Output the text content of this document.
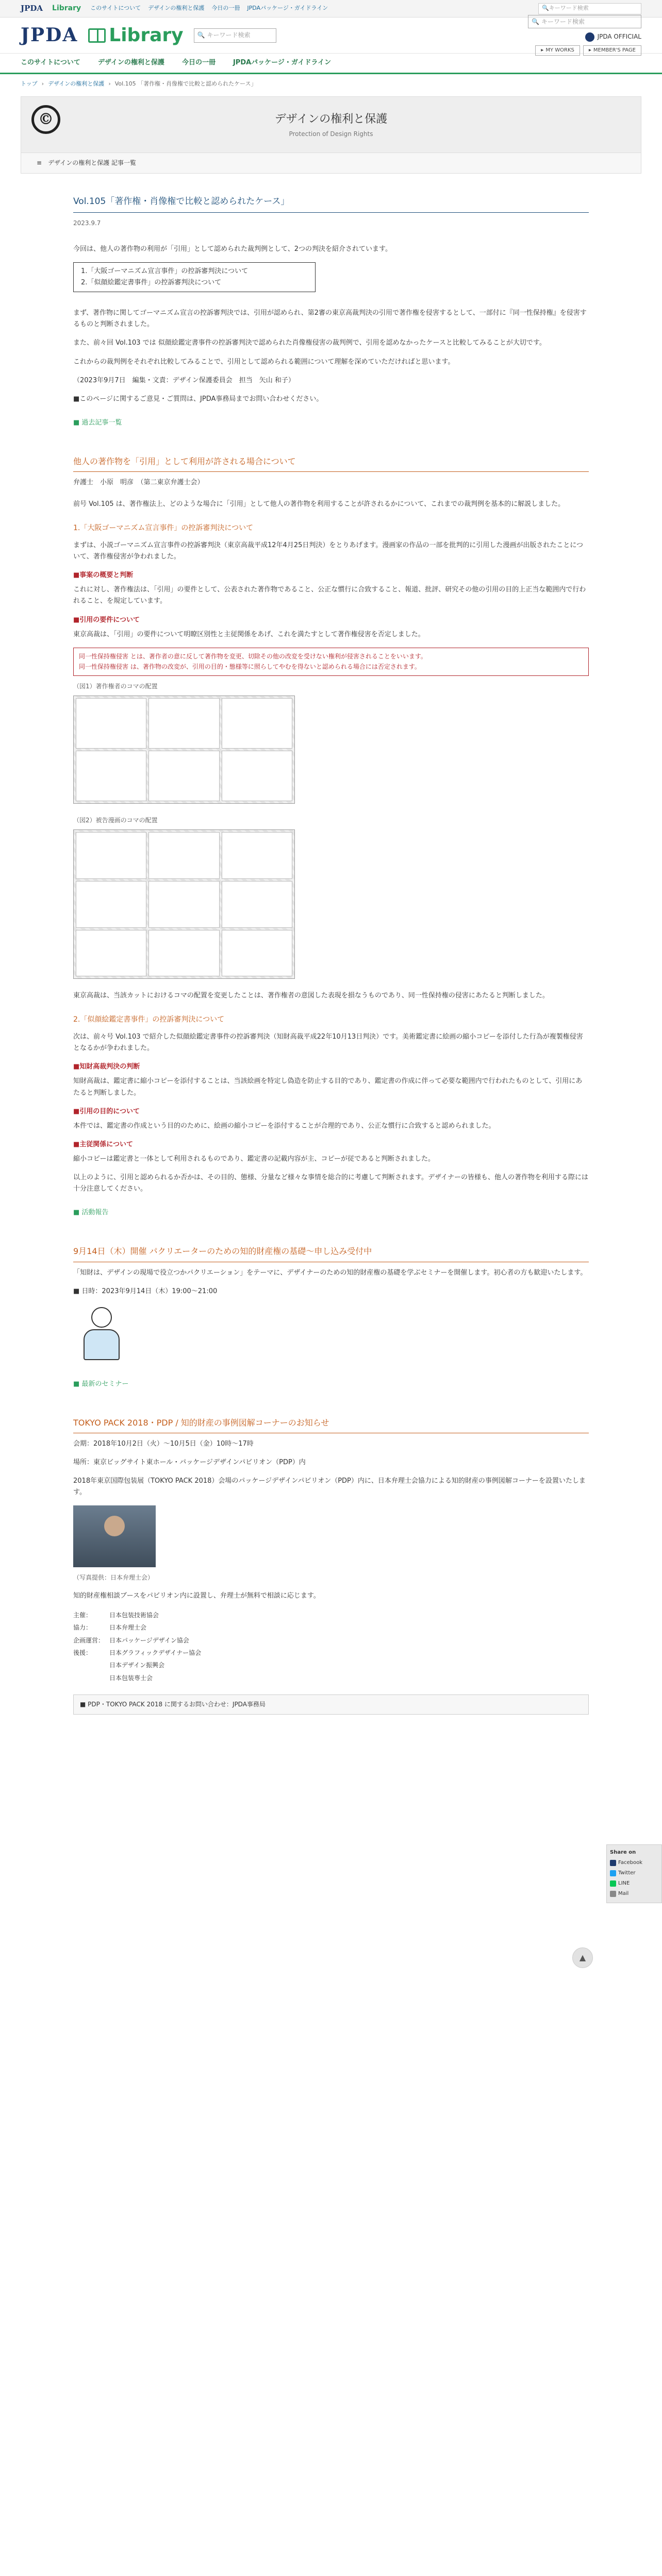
JPDA Library このサイトについて デザインの権利と保護 今日の一冊 JPDAパッケージ・ガイドライン	🔍 キーワード検索
JPDA Library 🔍 キーワード検索
🔍 キーワード検索
JPDA OFFICIAL
▸ MY WORKS	▸ MEMBER'S PAGE
このサイトについて	デザインの権利と保護	今日の一冊	JPDAパッケージ・ガイドライン
トップ › デザインの権利と保護 › Vol.105 「著作権・肖像権で比較と認められたケース」
©	デザインの権利と保護
Protection of Design Rights
≡ デザインの権利と保護 記事一覧
Vol.105「著作権・肖像権で比較と認められたケース」
2023.9.7

今回は、他人の著作物の利用が「引用」として認められた裁判例として、2つの判決を紹介されています。

1.「大阪ゴーマニズム宣言事件」の控訴審判決について
2.「似顔絵鑑定書事件」の控訴審判決について

まず、著作物に関してゴーマニズム宣言の控訴審判決では、引用が認められ、第2審の東京高裁判決の引用で著作権を侵害するとして、一部付に『同一性保持権』を侵害するものと判断されました。

また、前々回 Vol.103 では 似顔絵鑑定書事件の控訴審判決で認められた肖像権侵害の裁判例で、引用を認めなかったケースと比較してみることが大切です。

これからの裁判例をそれぞれ比較してみることで、引用として認められる範囲について理解を深めていただければと思います。

（2023年9月7日　編集・文責：デザイン保護委員会　担当　矢山 和子）

■このページに関するご意見・ご質問は、JPDA事務局までお問い合わせください。

■ 過去記事一覧
他人の著作物を「引用」として利用が許される場合について
弁護士　小原　明彦　（第二東京弁護士会）

前号 Vol.105 は、著作権法上、どのような場合に「引用」として他人の著作物を利用することが許されるかについて、これまでの裁判例を基本的に解説しました。

1.「大阪ゴーマニズム宣言事件」の控訴審判決について

まずは、小説ゴーマニズム宣言事件の控訴審判決（東京高裁平成12年4月25日判決）をとりあげます。漫画家の作品の一部を批判的に引用した漫画が出版されたことについて、著作権侵害が争われました。

■事案の概要と判断

これに対し、著作権法は、「引用」の要件として、公表された著作物であること、公正な慣行に合致すること、報道、批評、研究その他の引用の目的上正当な範囲内で行われること、を規定しています。

■引用の要件について

東京高裁は、「引用」の要件について明瞭区別性と主従関係をあげ、これを満たすとして著作権侵害を否定しました。

同一性保持権侵害 とは、著作者の意に反して著作物を変更、切除その他の改変を受けない権利が侵害されることをいいます。
同一性保持権侵害 は、著作物の改変が、引用の目的・態様等に照らしてやむを得ないと認められる場合には否定されます。
（図1）著作権者のコマの配置
（図2）被告漫画のコマの配置

東京高裁は、当該カットにおけるコマの配置を変更したことは、著作権者の意図した表現を損なうものであり、同一性保持権の侵害にあたると判断しました。

2.「似顔絵鑑定書事件」の控訴審判決について

次は、前々号 Vol.103 で紹介した似顔絵鑑定書事件の控訴審判決（知財高裁平成22年10月13日判決）です。美術鑑定書に絵画の縮小コピーを添付した行為が複製権侵害となるかが争われました。

■知財高裁判決の判断

知財高裁は、鑑定書に縮小コピーを添付することは、当該絵画を特定し偽造を防止する目的であり、鑑定書の作成に伴って必要な範囲内で行われたものとして、引用にあたると判断しました。

■引用の目的について

本件では、鑑定書の作成という目的のために、絵画の縮小コピーを添付することが合理的であり、公正な慣行に合致すると認められました。

■主従関係について

縮小コピーは鑑定書と一体として利用されるものであり、鑑定書の記載内容が主、コピーが従であると判断されました。

以上のように、引用と認められるか否かは、その目的、態様、分量など様々な事情を総合的に考慮して判断されます。デザイナーの皆様も、他人の著作物を利用する際には十分注意してください。

■ 活動報告
9月14日（木）開催 パクリエーターのための知的財産権の基礎〜申し込み受付中

「知財は、デザインの現場で役立つかパクリエーション」をテーマに、デザイナーのための知的財産権の基礎を学ぶセミナーを開催します。初心者の方も歓迎いたします。

■ 日時：2023年9月14日（木）19:00〜21:00

■ 最新のセミナー
TOKYO PACK 2018・PDP / 知的財産の事例図解コーナーのお知らせ

会期：2018年10月2日（火）〜10月5日（金）10時〜17時

場所：東京ビッグサイト東ホール・パッケージデザインパビリオン（PDP）内

2018年東京国際包装展（TOKYO PACK 2018）会場のパッケージデザインパビリオン（PDP）内に、日本弁理士会協力による知的財産の事例図解コーナーを設置いたします。

（写真提供：日本弁理士会）

知的財産権相談ブースをパビリオン内に設置し、弁理士が無料で相談に応じます。

主催：	日本包装技術協会
協力：	日本弁理士会
企画運営：	日本パッケージデザイン協会
後援：	日本グラフィックデザイナー協会
	日本デザイン振興会
	日本包装専士会
■ PDP・TOKYO PACK 2018 に関するお問い合わせ：JPDA事務局
Share on
Facebook
Twitter
LINE
Mail
▲
